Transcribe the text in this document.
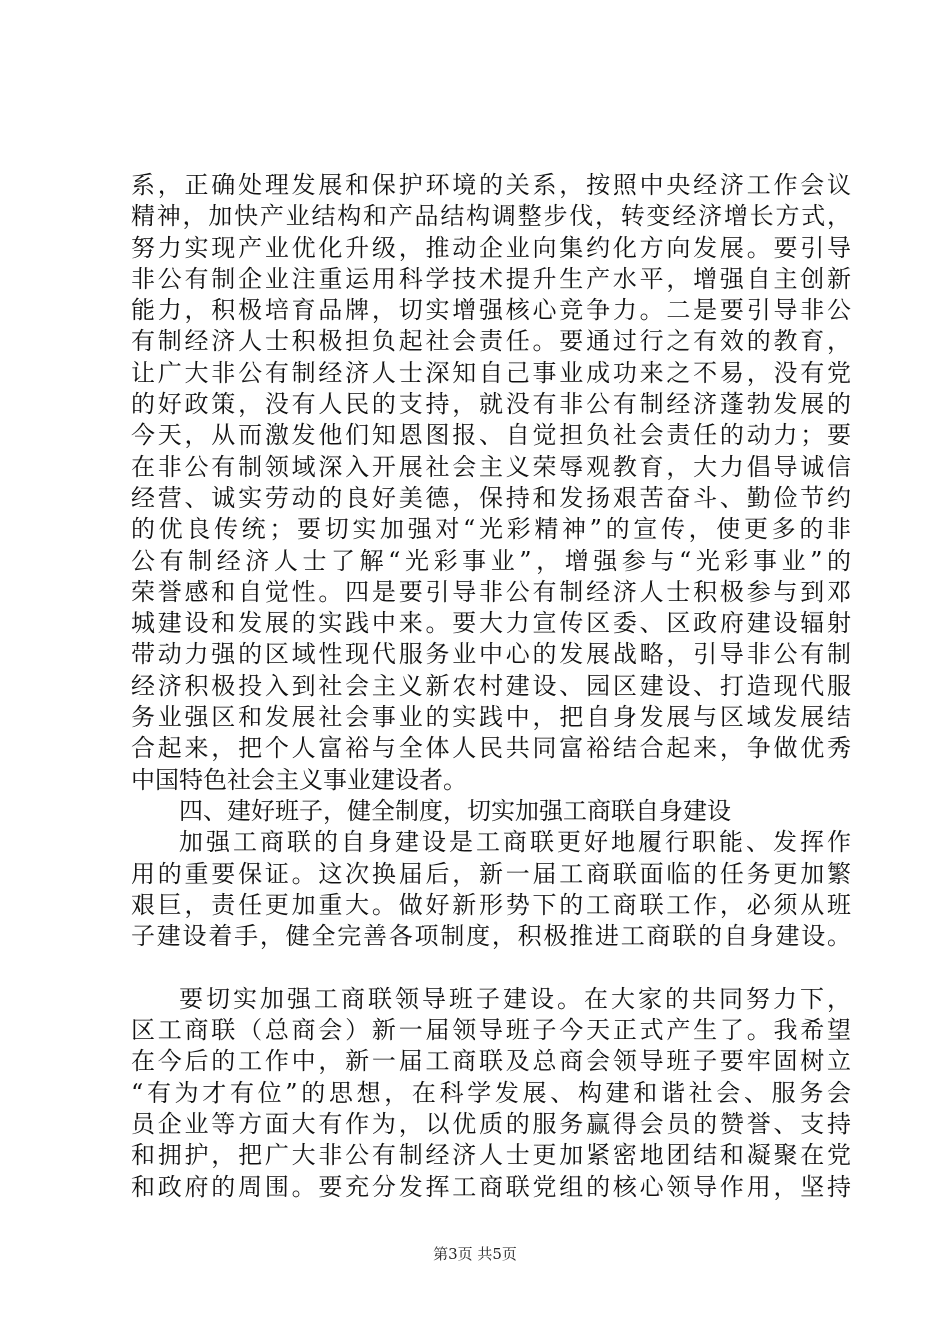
系，正确处理发展和保护环境的关系，按照中央经济工作会议
精神，加快产业结构和产品结构调整步伐，转变经济增长方式，
努力实现产业优化升级，推动企业向集约化方向发展。要引导
非公有制企业注重运用科学技术提升生产水平，增强自主创新
能力，积极培育品牌，切实增强核心竞争力。二是要引导非公
有制经济人士积极担负起社会责任。要通过行之有效的教育，
让广大非公有制经济人士深知自己事业成功来之不易，没有党
的好政策，没有人民的支持，就没有非公有制经济蓬勃发展的
今天，从而激发他们知恩图报、自觉担负社会责任的动力；要
在非公有制领域深入开展社会主义荣辱观教育，大力倡导诚信
经营、诚实劳动的良好美德，保持和发扬艰苦奋斗、勤俭节约
的优良传统；要切实加强对“光彩精神”的宣传，使更多的非
公有制经济人士了解“光彩事业”，增强参与“光彩事业”的
荣誉感和自觉性。四是要引导非公有制经济人士积极参与到邓
城建设和发展的实践中来。要大力宣传区委、区政府建设辐射
带动力强的区域性现代服务业中心的发展战略，引导非公有制
经济积极投入到社会主义新农村建设、园区建设、打造现代服
务业强区和发展社会事业的实践中，把自身发展与区域发展结
合起来，把个人富裕与全体人民共同富裕结合起来，争做优秀
中国特色社会主义事业建设者。
四、建好班子，健全制度，切实加强工商联自身建设
加强工商联的自身建设是工商联更好地履行职能、发挥作
用的重要保证。这次换届后，新一届工商联面临的任务更加繁
艰巨，责任更加重大。做好新形势下的工商联工作，必须从班
子建设着手，健全完善各项制度，积极推进工商联的自身建设。
要切实加强工商联领导班子建设。在大家的共同努力下，
区工商联（总商会）新一届领导班子今天正式产生了。我希望
在今后的工作中，新一届工商联及总商会领导班子要牢固树立
“有为才有位”的思想，在科学发展、构建和谐社会、服务会
员企业等方面大有作为，以优质的服务赢得会员的赞誉、支持
和拥护，把广大非公有制经济人士更加紧密地团结和凝聚在党
和政府的周围。要充分发挥工商联党组的核心领导作用，坚持
第3页 共5页
